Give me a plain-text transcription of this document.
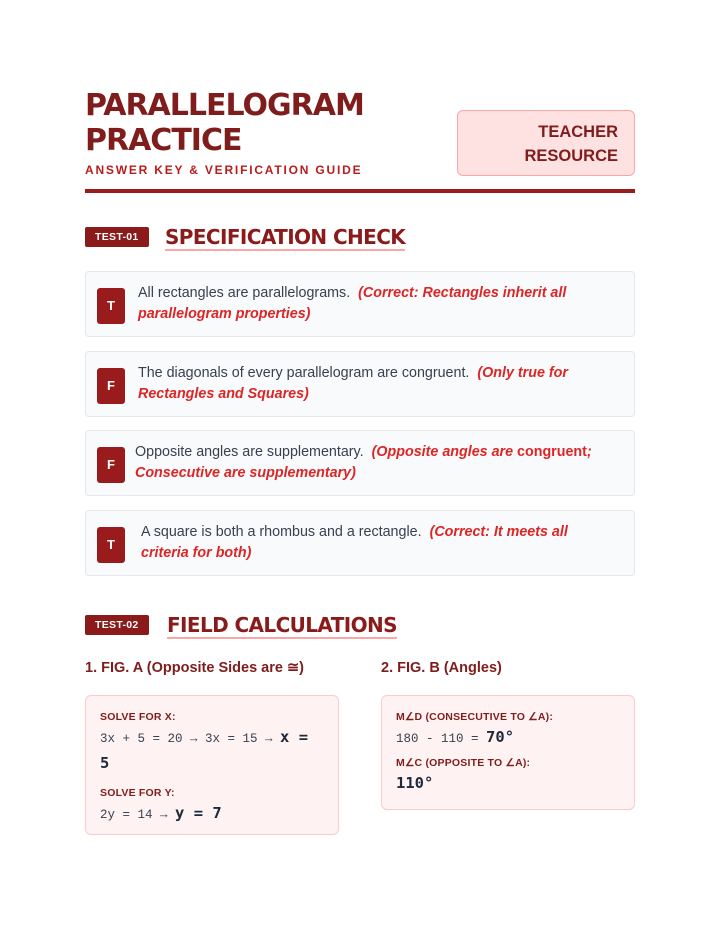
PARALLELOGRAM
PRACTICE
ANSWER KEY & VERIFICATION GUIDE
TEACHER
RESOURCE
TEST-01	SPECIFICATION CHECK
T
All rectangles are parallelograms. (Correct: Rectangles inherit all parallelogram properties)
F
The diagonals of every parallelogram are congruent. (Only true for Rectangles and Squares)
F
Opposite angles are supplementary. (Opposite angles are congruent; Consecutive are supplementary)
T
A square is both a rhombus and a rectangle. (Correct: It meets all criteria for both)
TEST-02	FIELD CALCULATIONS
1. FIG. A (Opposite Sides are ≅)	2. FIG. B (Angles)
SOLVE FOR X:
3x + 5 = 20 → 3x = 15 → x = 5
SOLVE FOR Y:
2y = 14 → y = 7
M∠D (CONSECUTIVE TO ∠A):
180 - 110 = 70°
M∠C (OPPOSITE TO ∠A):
110°
